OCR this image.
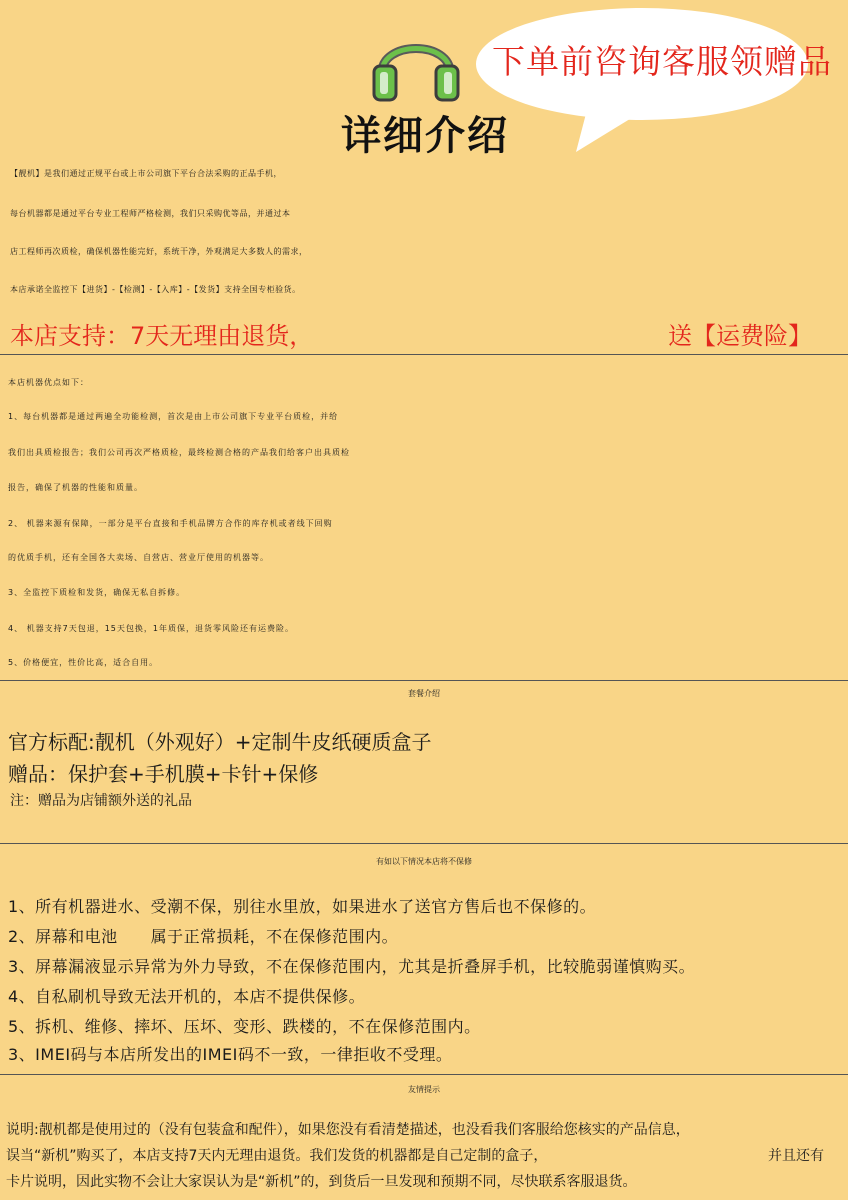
下单前咨询客服领赠品
详细介绍
【靓机】是我们通过正规平台或上市公司旗下平台合法采购的正品手机，
每台机器都是通过平台专业工程师严格检测，我们只采购优等品，并通过本
店工程师再次质检，确保机器性能完好，系统干净，外观满足大多数人的需求，
本店承诺全监控下【进货】-【检测】-【入库】-【发货】支持全国专柜验货。
本店支持：7天无理由退货，	送【运费险】
本店机器优点如下：
1、每台机器都是通过两遍全功能检测，首次是由上市公司旗下专业平台质检，并给
我们出具质检报告；我们公司再次严格质检，最终检测合格的产品我们给客户出具质检
报告，确保了机器的性能和质量。
2、 机器来源有保障，一部分是平台直接和手机品牌方合作的库存机或者线下回购
的优质手机，还有全国各大卖场、自营店、营业厅使用的机器等。
3、全监控下质检和发货，确保无私自拆修。
4、 机器支持7天包退，15天包换，1年质保，退货零风险还有运费险。
5、价格便宜，性价比高，适合自用。
套餐介绍
官方标配:靓机（外观好）+定制牛皮纸硬质盒子
赠品：保护套+手机膜+卡针+保修
注：赠品为店铺额外送的礼品
有如以下情况本店将不保修
1、所有机器进水、受潮不保，别往水里放，如果进水了送官方售后也不保修的。
2、屏幕和电池　　属于正常损耗，不在保修范围内。
3、屏幕漏液显示异常为外力导致，不在保修范围内，尤其是折叠屏手机，比较脆弱谨慎购买。
4、自私刷机导致无法开机的，本店不提供保修。
5、拆机、维修、摔坏、压坏、变形、跌楼的，不在保修范围内。
3、IMEI码与本店所发出的IMEI码不一致，一律拒收不受理。
友情提示
说明:靓机都是使用过的（没有包装盒和配件），如果您没有看清楚描述，也没看我们客服给您核实的产品信息，
误当“新机”购买了，本店支持7天内无理由退货。我们发货的机器都是自己定制的盒子，	并且还有
卡片说明，因此实物不会让大家误认为是“新机”的，到货后一旦发现和预期不同，尽快联系客服退货。
